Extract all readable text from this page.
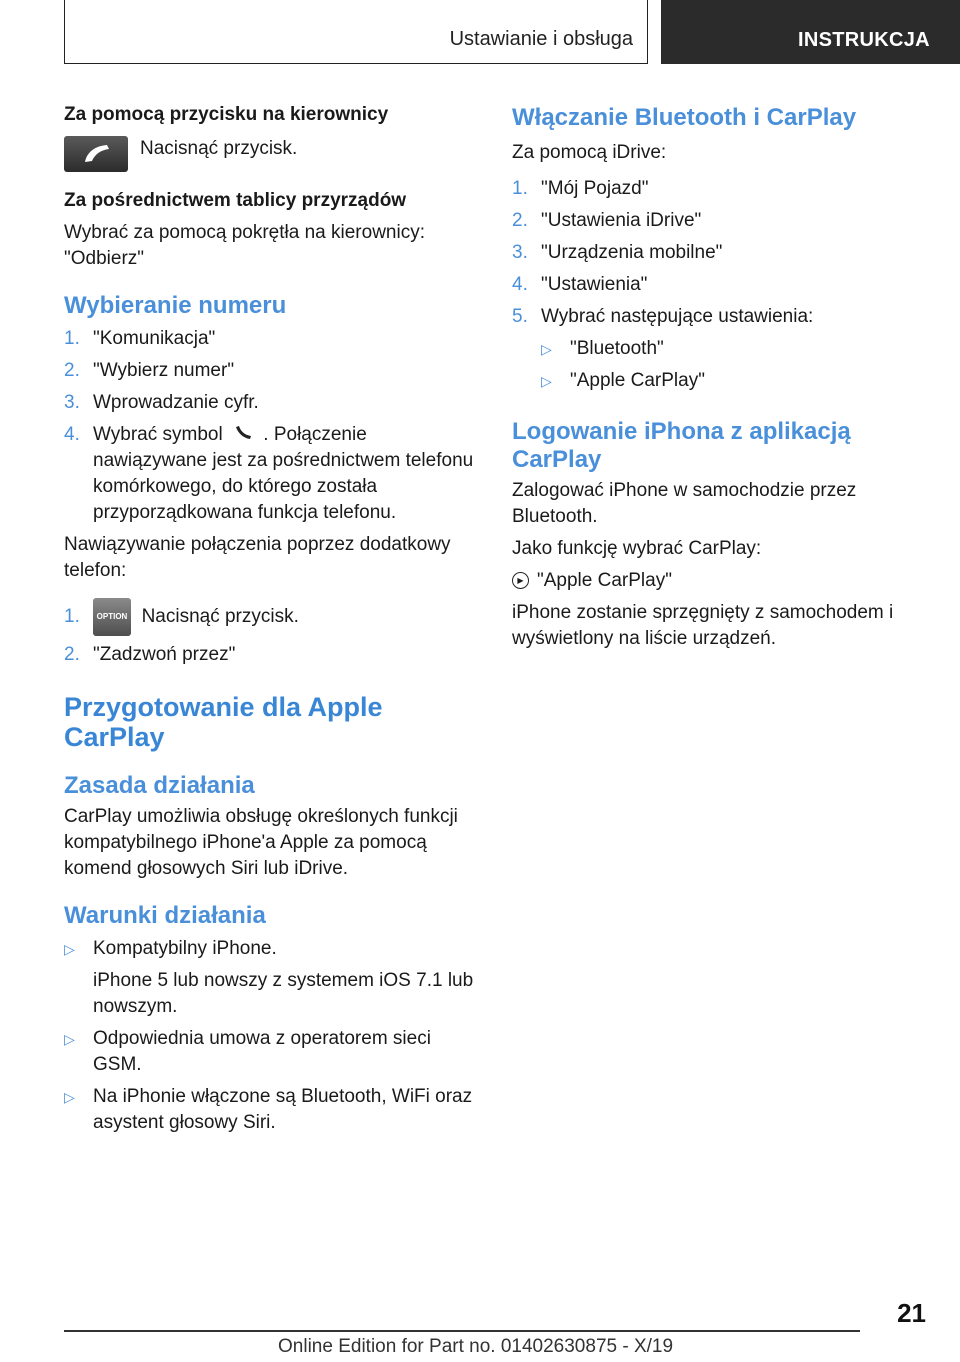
Ustawianie i obsługa	INSTRUKCJA

Za pomocą przycisku na kierownicy

Nacisnąć przycisk.

Za pośrednictwem tablicy przyrządów

Wybrać za pomocą pokrętła na kierownicy: "Odbierz"

Wybieranie numeru
1. "Komunikacja"
2. "Wybierz numer"
3. Wprowadzanie cyfr.
4. Wybrać symbol . Połączenie nawiązywane jest za pośrednictwem telefonu komórkowego, do którego została przyporządkowana funkcja telefonu.

Nawiązywanie połączenia poprzez dodatkowy telefon:

1.	OPTION Nacisnąć przycisk.
2. "Zadzwoń przez"
Przygotowanie dla Apple CarPlay
Zasada działania

CarPlay umożliwia obsługę określonych funkcji kompatybilnego iPhone'a Apple za pomocą komend głosowych Siri lub iDrive.

Warunki działania
▷ Kompatybilny iPhone.

iPhone 5 lub nowszy z systemem iOS 7.1 lub nowszym.

▷ Odpowiednia umowa z operatorem sieci GSM.
▷ Na iPhonie włączone są Bluetooth, WiFi oraz asystent głosowy Siri.
Włączanie Bluetooth i CarPlay

Za pomocą iDrive:

1. "Mój Pojazd"
2. "Ustawienia iDrive"
3. "Urządzenia mobilne"
4. "Ustawienia"
5. Wybrać następujące ustawienia:
▷ "Bluetooth"
▷ "Apple CarPlay"
Logowanie iPhona z aplikacją CarPlay

Zalogować iPhone w samochodzie przez Bluetooth.

Jako funkcję wybrać CarPlay:

▶ "Apple CarPlay"

iPhone zostanie sprzęgnięty z samochodem i wyświetlony na liście urządzeń.

21
Online Edition for Part no. 01402630875 - X/19
